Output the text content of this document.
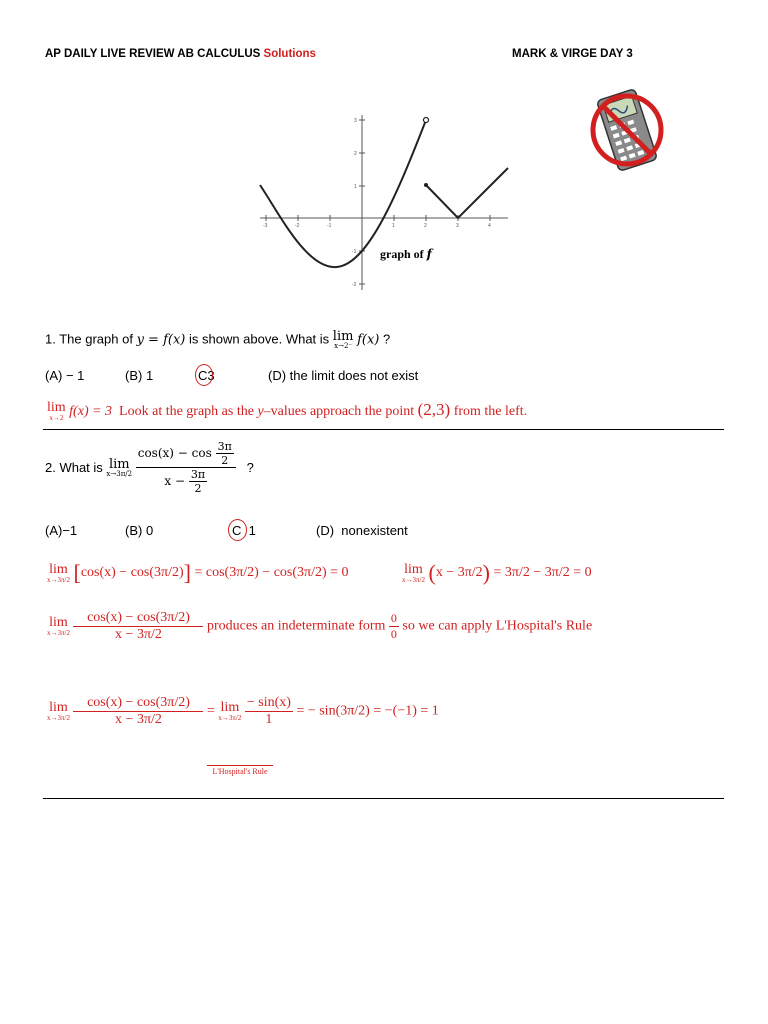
AP DAILY LIVE REVIEW AB CALCULUS Solutions	MARK & VIRGE DAY 3
-3	-2	-1	1	2	3	4
3
2
1
-1
-2
graph of f
1. The graph of y = f(x) is shown above. What is lim
x→2⁻ f(x) ?
(A) − 1	(B) 1	C3	(D) the limit does not exist
lim
x→2 f(x) = 3 Look at the graph as the y–values approach the point (2,3) from the left.
2. What is lim
x→3π/2
$\frac{\cos(x) - \cos \frac{3\pi}{2}}{x - \frac{3\pi}{2}}$ ?
(A)−1	(B) 0	C 1	(D) nonexistent
lim
x→3π/2 [cos(x) − cos(3π/2)] = cos(3π/2) − cos(3π/2) = 0	lim
x→3π/2 (x − 3π/2) = 3π/2 − 3π/2 = 0
lim
x→3π/2
$\frac{\cos(x) - \cos(3\pi/2)}{x - 3\pi/2}$ produces an indeterminate form $\frac{0}{0}$ so we can apply L'Hospital's Rule
lim
x→3π/2
$\frac{\cos(x) - \cos(3\pi/2)}{x - 3\pi/2} = \lim$
x→3π/2
$\frac{- \sin(x)}{1}$ = − sin(3π/2) = −(−1) = 1
L'Hospital's Rule
